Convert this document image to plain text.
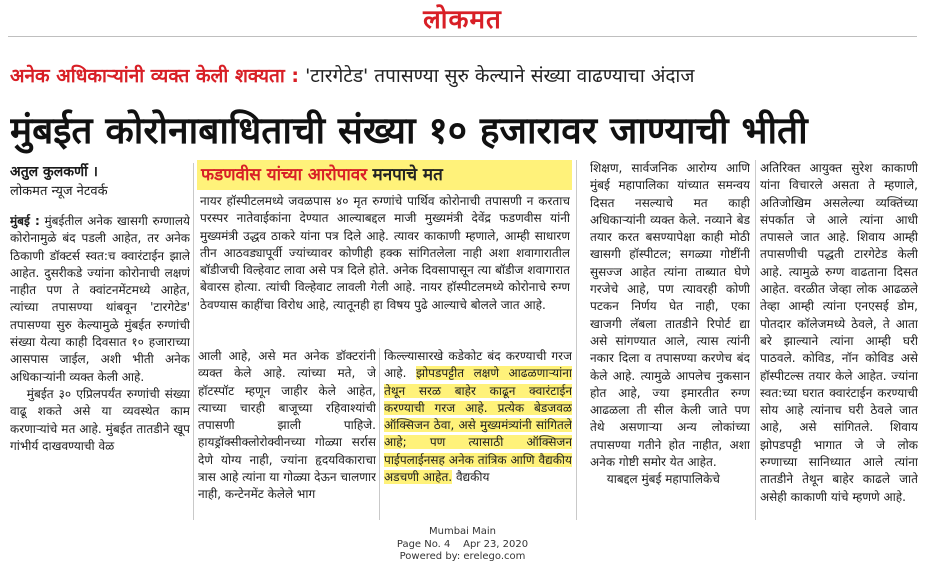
लोकमत
अनेक अधिकाऱ्यांनी व्यक्त केली शक्यता : 'टारगेटेड' तपासण्या सुरु केल्याने संख्या वाढण्याचा अंदाज
मुंबईत कोरोनाबाधिताची संख्या १० हजारावर जाण्याची भीती
अतुल कुलकर्णी ।
लोकमत न्यूज नेटवर्क
फडणवीस यांच्या आरोपावर मनपाचे मत

मुंबई : मुंबईतील अनेक खासगी रुग्णालये कोरोनामुळे बंद पडली आहेत, तर अनेक ठिकाणी डॉक्टर्स स्वत:च क्वारंटाईन झाले आहेत. दुसरीकडे ज्यांना कोरोनाची लक्षणं नाहीत पण ते क्वांटनमेंटमध्ये आहेत, त्यांच्या तपासण्या थांबवून 'टारगेटेड' तपासण्या सुरु केल्यामुळे मुंबईत रुग्णांची संख्या येत्या काही दिवसात १० हजाराच्या आसपास जाईल, अशी भीती अनेक अधिकाऱ्यांनी व्यक्त केली आहे.

मुंबईत ३० एप्रिलपर्यंत रुग्णांची संख्या वाढू शकते असे या व्यवस्थेत काम करणाऱ्यांचे मत आहे. मुंबईत तातडीने खूप गांभीर्य दाखवण्याची वेळ

नायर हॉस्पीटलमध्ये जवळपास ४० मृत रुग्णांचे पार्थिव कोरोनाची तपासणी न करताच परस्पर नातेवाईकांना देण्यात आल्याबद्दल माजी मुख्यमंत्री देवेंद्र फडणवीस यांनी मुख्यमंत्री उद्धव ठाकरे यांना पत्र दिले आहे. त्यावर काकाणी म्हणाले, आम्ही साधारण तीन आठवड्यापूर्वी ज्यांच्यावर कोणीही हक्क सांगितलेला नाही अशा शवागारातील बॉडीजची विल्हेवाट लावा असे पत्र दिले होते. अनेक दिवसापासून त्या बॉडीज शवागारात बेवारस होत्या. त्यांची विल्हेवाट लावली गेली आहे. नायर हॉस्पीटलमध्ये कोरोनाचे रुग्ण ठेवण्यास काहींचा विरोध आहे, त्यातूनही हा विषय पुढे आल्याचे बोलले जात आहे.

आली आहे, असे मत अनेक डॉक्टरांनी व्यक्त केले आहे. त्यांच्या मते, जे हॉटस्पॉट म्हणून जाहीर केले आहेत, त्याच्या चारही बाजूच्या रहिवाश्यांची तपासणी झाली पाहिजे. हायड्रॉक्सीक्लोरोक्वीनच्या गोळ्या सर्रास देणे योग्य नाही, ज्यांना हृदयविकाराचा त्रास आहे त्यांना या गोळ्या देऊन चालणार नाही, कन्टेनमेंट केलेले भाग

किल्ल्यासारखे कडेकोट बंद करण्याची गरज आहे. झोपडपट्टीत लक्षणे आढळणाऱ्यांना तेथून सरळ बाहेर काढून क्वारंटाईन करण्याची गरज आहे. प्रत्येक बेडजवळ ऑक्सिजन ठेवा, असे मुख्यमंत्र्यांनी सांगितले आहे; पण त्यासाठी ऑक्सिजन पाईपलाईनसह अनेक तांत्रिक आणि वैद्यकीय अडचणी आहेत. वैद्यकीय

शिक्षण, सार्वजनिक आरोग्य आणि मुंबई महापालिका यांच्यात समन्वय दिसत नसल्याचे मत काही अधिकाऱ्यांनी व्यक्त केले. नव्याने बेड तयार करत बसण्यापेक्षा काही मोठी खासगी हॉस्पीटल; सगळ्या गोष्टींनी सुसज्ज आहेत त्यांना ताब्यात घेणे गरजेचे आहे, पण त्यावरही कोणी पटकन निर्णय घेत नाही, एका खाजगी लॅबला तातडीने रिपोर्ट द्या असे सांगण्यात आले, त्यास त्यांनी नकार दिला व तपासण्या करणेच बंद केले आहे. त्यामुळे आपलेच नुकसान होत आहे, ज्या इमारतीत रुग्ण आढळला ती सील केली जाते पण तेथे असणाऱ्या अन्य लोकांच्या तपासण्या गतीने होत नाहीत, अशा अनेक गोष्टी समोर येत आहेत.

याबद्दल मुंबई महापालिकेचे

अतिरिक्त आयुक्त सुरेश काकाणी यांना विचारले असता ते म्हणाले, अतिजोखिम असलेल्या व्यक्तिंच्या संपर्कात जे आले त्यांना आधी तपासले जात आहे. शिवाय आम्ही तपासणीची पद्धती टारगेटेड केली आहे. त्यामुळे रुग्ण वाढताना दिसत आहेत. वरळीत जेव्हा लोक आढळले तेव्हा आम्ही त्यांना एनएसई डोम, पोतदार कॉलेजमध्ये ठेवले, ते आता बरे झाल्याने त्यांना आम्ही घरी पाठवले. कोविड, नॉन कोविड असे हॉस्पीटल्स तयार केले आहेत. ज्यांना स्वत:च्या घरात क्वारंटाईन करण्याची सोय आहे त्यांनाच घरी ठेवले जात आहे, असे सांगितले. शिवाय झोपडपट्टी भागात जे जे लोक रुग्णाच्या सानिध्यात आले त्यांना तातडीने तेथून बाहेर काढले जाते असेही काकाणी यांचे म्हणणे आहे.

Mumbai Main
Page No. 4    Apr 23, 2020
Powered by: erelego.com
